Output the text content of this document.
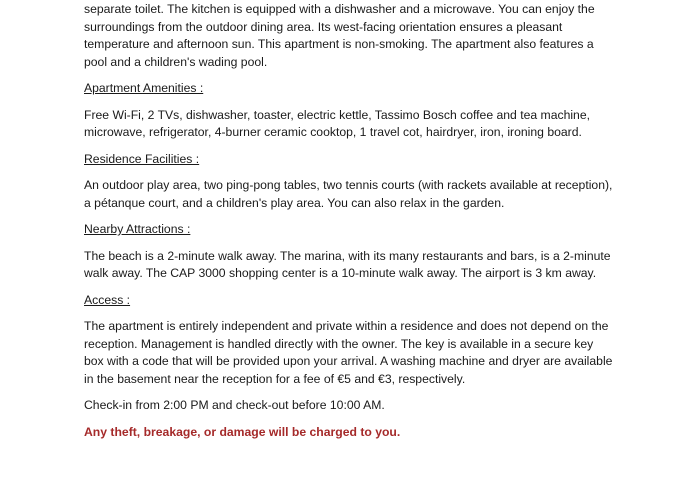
separate toilet. The kitchen is equipped with a dishwasher and a microwave. You can enjoy the surroundings from the outdoor dining area. Its west-facing orientation ensures a pleasant temperature and afternoon sun. This apartment is non-smoking. The apartment also features a pool and a children's wading pool.

Apartment Amenities :

Free Wi-Fi, 2 TVs, dishwasher, toaster, electric kettle, Tassimo Bosch coffee and tea machine, microwave, refrigerator, 4-burner ceramic cooktop, 1 travel cot, hairdryer, iron, ironing board.

Residence Facilities :

An outdoor play area, two ping-pong tables, two tennis courts (with rackets available at reception), a pétanque court, and a children's play area. You can also relax in the garden.

Nearby Attractions :

The beach is a 2-minute walk away. The marina, with its many restaurants and bars, is a 2-minute walk away. The CAP 3000 shopping center is a 10-minute walk away. The airport is 3 km away.

Access :

The apartment is entirely independent and private within a residence and does not depend on the reception. Management is handled directly with the owner. The key is available in a secure key box with a code that will be provided upon your arrival. A washing machine and dryer are available in the basement near the reception for a fee of €5 and €3, respectively.

Check-in from 2:00 PM and check-out before 10:00 AM.

Any theft, breakage, or damage will be charged to you.
